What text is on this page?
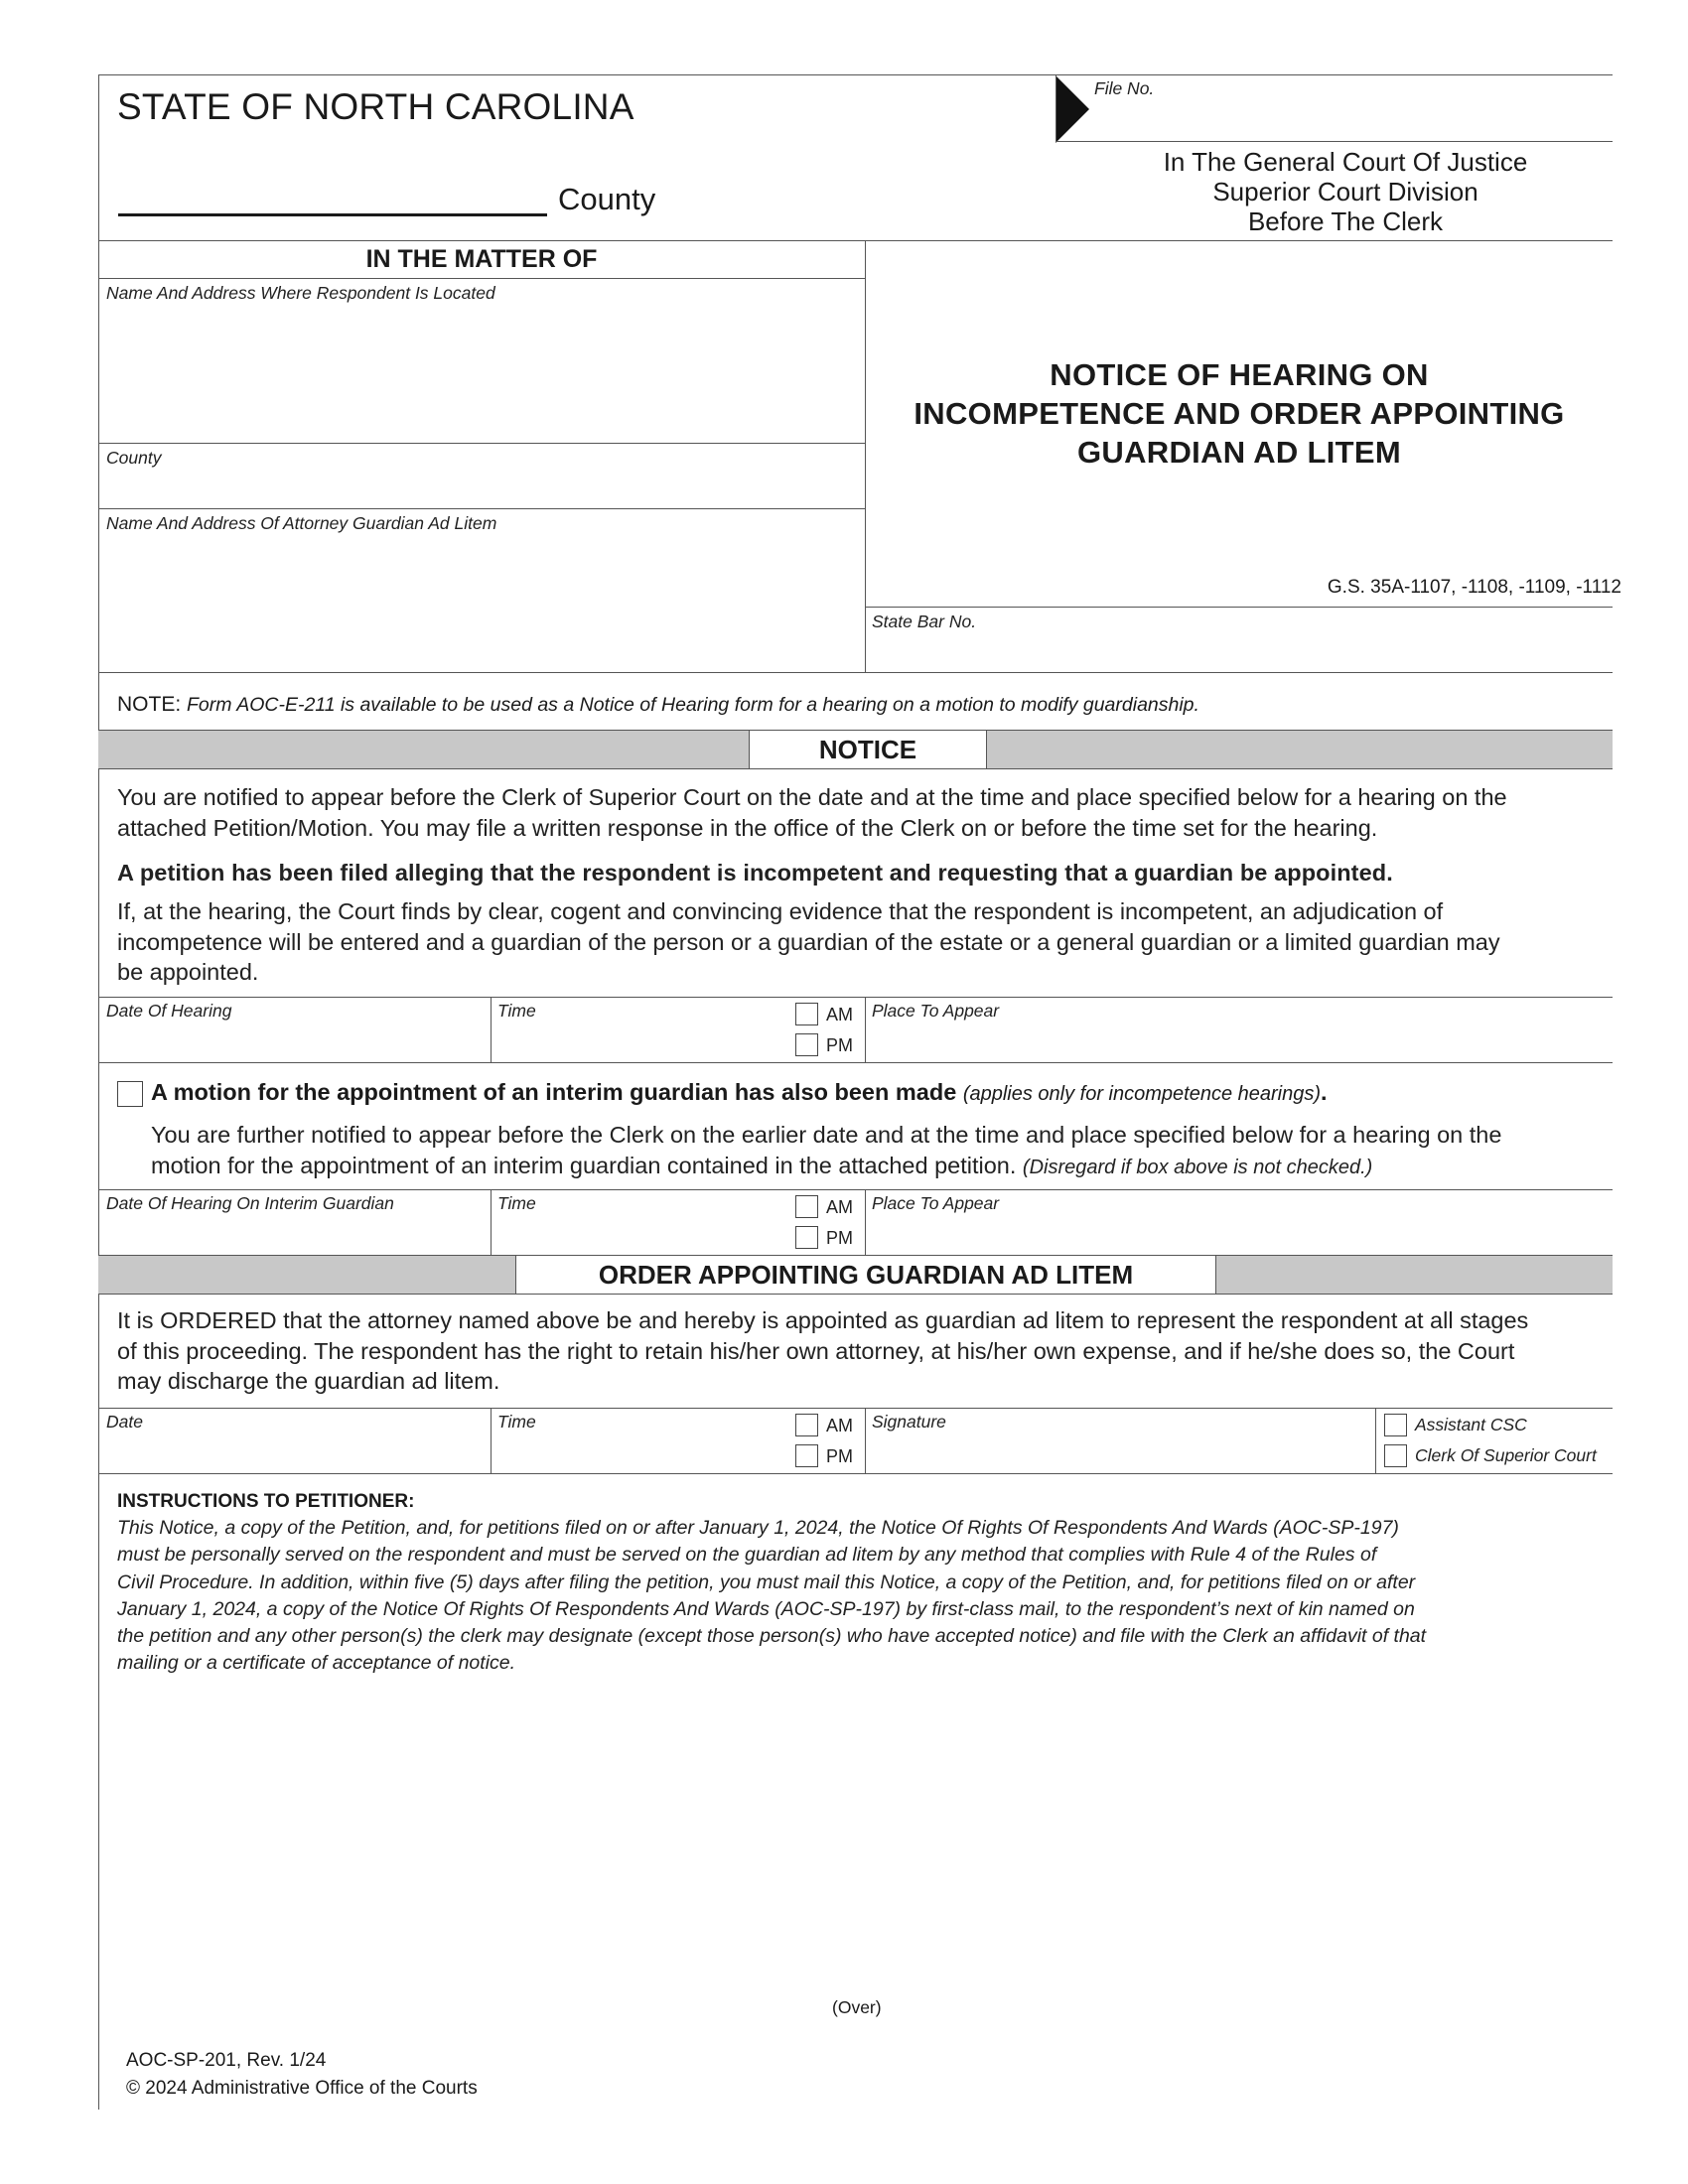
STATE OF NORTH CAROLINA
County
File No.
In The General Court Of Justice
Superior Court Division
Before The Clerk
IN THE MATTER OF
Name And Address Where Respondent Is Located
County
Name And Address Of Attorney Guardian Ad Litem
NOTICE OF HEARING ON
INCOMPETENCE AND ORDER APPOINTING
GUARDIAN AD LITEM
G.S. 35A-1107, -1108, -1109, -1112
State Bar No.
NOTE: Form AOC-E-211 is available to be used as a Notice of Hearing form for a hearing on a motion to modify guardianship.
NOTICE
You are notified to appear before the Clerk of Superior Court on the date and at the time and place specified below for a hearing on the
attached Petition/Motion. You may file a written response in the office of the Clerk on or before the time set for the hearing.
A petition has been filed alleging that the respondent is incompetent and requesting that a guardian be appointed.
If, at the hearing, the Court finds by clear, cogent and convincing evidence that the respondent is incompetent, an adjudication of
incompetence will be entered and a guardian of the person or a guardian of the estate or a general guardian or a limited guardian may
be appointed.
Date Of Hearing	Time	AM
PM
Place To Appear
A motion for the appointment of an interim guardian has also been made (applies only for incompetence hearings).
You are further notified to appear before the Clerk on the earlier date and at the time and place specified below for a hearing on the
motion for the appointment of an interim guardian contained in the attached petition. (Disregard if box above is not checked.)
Date Of Hearing On Interim Guardian	Time	AM
PM
Place To Appear
ORDER APPOINTING GUARDIAN AD LITEM
It is ORDERED that the attorney named above be and hereby is appointed as guardian ad litem to represent the respondent at all stages
of this proceeding. The respondent has the right to retain his/her own attorney, at his/her own expense, and if he/she does so, the Court
may discharge the guardian ad litem.
Date	Time	AM
PM
Signature	Assistant CSC
Clerk Of Superior Court
INSTRUCTIONS TO PETITIONER:
This Notice, a copy of the Petition, and, for petitions filed on or after January 1, 2024, the Notice Of Rights Of Respondents And Wards (AOC-SP-197)
must be personally served on the respondent and must be served on the guardian ad litem by any method that complies with Rule 4 of the Rules of
Civil Procedure. In addition, within five (5) days after filing the petition, you must mail this Notice, a copy of the Petition, and, for petitions filed on or after
January 1, 2024, a copy of the Notice Of Rights Of Respondents And Wards (AOC-SP-197) by first-class mail, to the respondent’s next of kin named on
the petition and any other person(s) the clerk may designate (except those person(s) who have accepted notice) and file with the Clerk an affidavit of that
mailing or a certificate of acceptance of notice.
(Over)
AOC-SP-201, Rev. 1/24
© 2024 Administrative Office of the Courts
